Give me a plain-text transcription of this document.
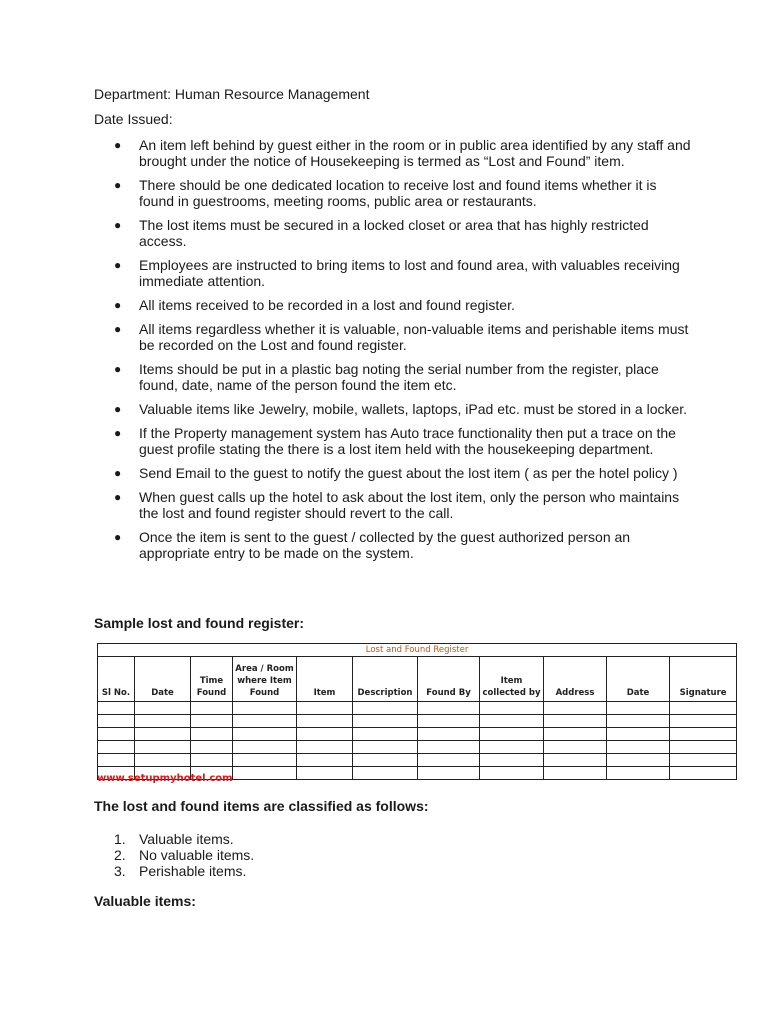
Department: Human Resource Management
Date Issued:
● An item left behind by guest either in the room or in public area identified by any staff and brought under the notice of Housekeeping is termed as “Lost and Found” item.
● There should be one dedicated location to receive lost and found items whether it is found in guestrooms, meeting rooms, public area or restaurants.
● The lost items must be secured in a locked closet or area that has highly restricted access.
● Employees are instructed to bring items to lost and found area, with valuables receiving immediate attention.
● All items received to be recorded in a lost and found register.
● All items regardless whether it is valuable, non-valuable items and perishable items must be recorded on the Lost and found register.
● Items should be put in a plastic bag noting the serial number from the register, place found, date, name of the person found the item etc.
● Valuable items like Jewelry, mobile, wallets, laptops, iPad etc. must be stored in a locker.
● If the Property management system has Auto trace functionality then put a trace on the guest profile stating the there is a lost item held with the housekeeping department.
● Send Email to the guest to notify the guest about the lost item ( as per the hotel policy )
● When guest calls up the hotel to ask about the lost item, only the person who maintains the lost and found register should revert to the call.
● Once the item is sent to the guest / collected by the guest authorized person an appropriate entry to be made on the system.
Sample lost and found register:
Lost and Found Register										
Sl No.	Date	Time Found	Area / Room where Item Found	Item	Description	Found By	Item collected by	Address	Date	Signature

www.setupmyhotel.com
The lost and found items are classified as follows:
1. Valuable items.
2. No valuable items.
3. Perishable items.
Valuable items:
